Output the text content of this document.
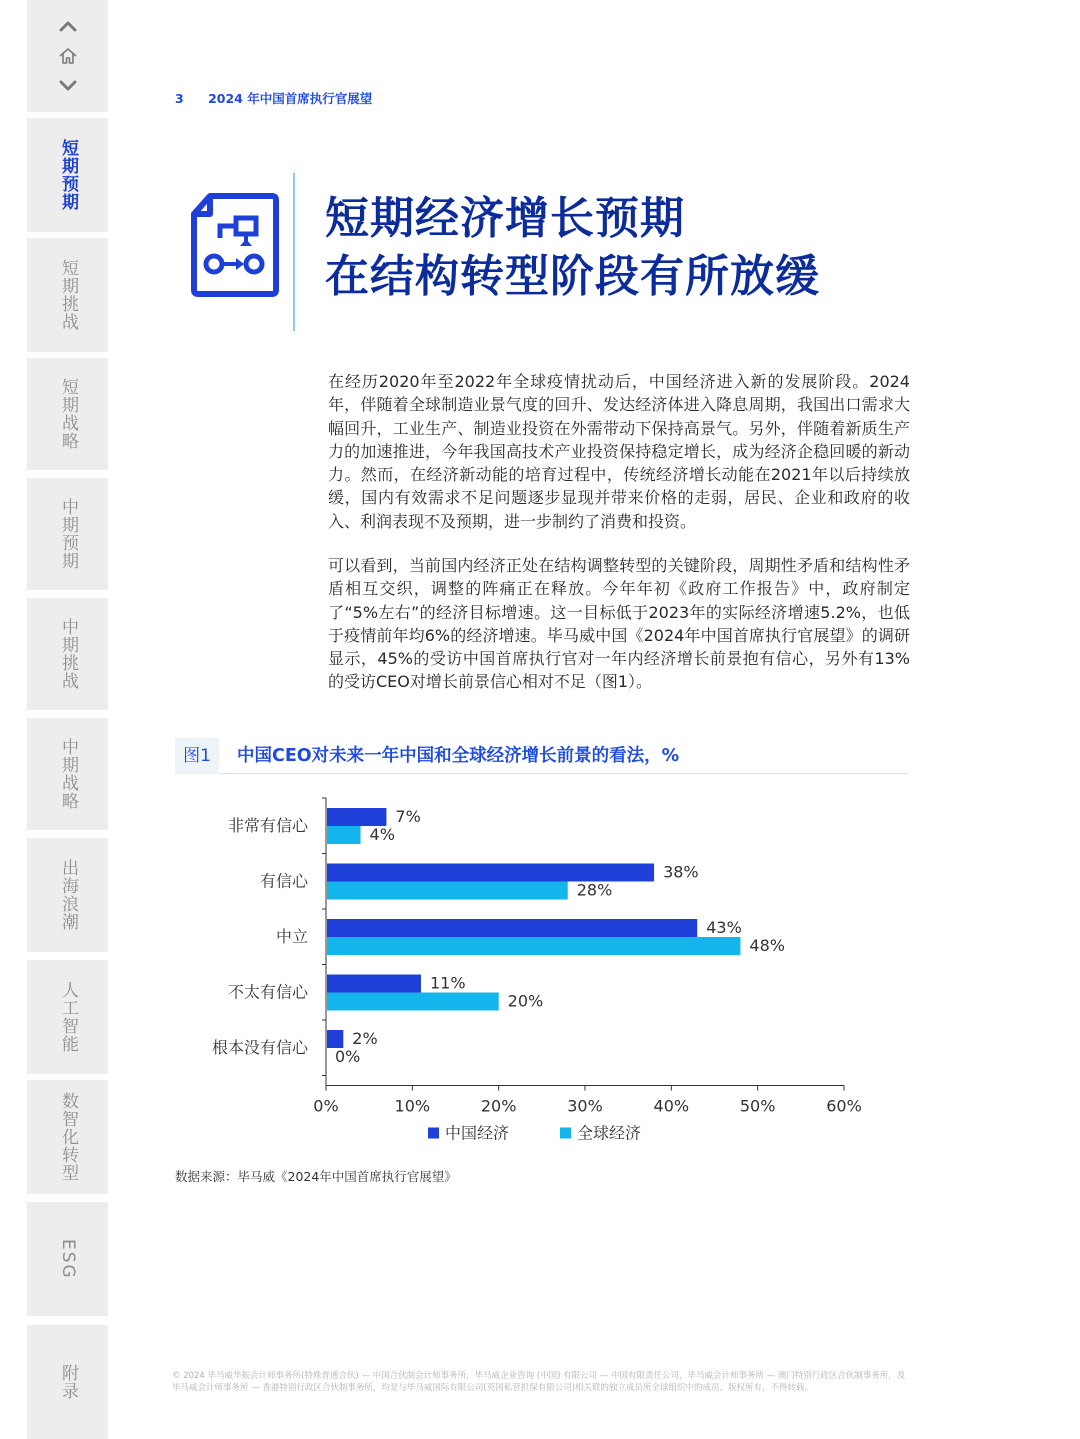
短期预期
短期挑战
短期战略
中期预期
中期挑战
中期战略
出海浪潮
人工智能
数智化转型
ESG
附录
3 2024 年中国首席执行官展望
短期经济增长预期
在结构转型阶段有所放缓

在经历2020年至2022年全球疫情扰动后，中国经济进入新的发展阶段。2024年，伴随着全球制造业景气度的回升、发达经济体进入降息周期，我国出口需求大幅回升，工业生产、制造业投资在外需带动下保持高景气。另外，伴随着新质生产力的加速推进，今年我国高技术产业投资保持稳定增长，成为经济企稳回暖的新动力。然而，在经济新动能的培育过程中，传统经济增长动能在2021年以后持续放缓，国内有效需求不足问题逐步显现并带来价格的走弱，居民、企业和政府的收入、利润表现不及预期，进一步制约了消费和投资。

可以看到，当前国内经济正处在结构调整转型的关键阶段，周期性矛盾和结构性矛盾相互交织，调整的阵痛正在释放。今年年初《政府工作报告》中，政府制定了“5%左右”的经济目标增速。这一目标低于2023年的实际经济增速5.2%，也低于疫情前年均6%的经济增速。毕马威中国《2024年中国首席执行官展望》的调研显示，45%的受访中国首席执行官对一年内经济增长前景抱有信心，另外有13%的受访CEO对增长前景信心相对不足（图1）。

图1	中国CEO对未来一年中国和全球经济增长前景的看法，%
0%	10%	20%	30%	40%	50%	60%
非常有信心	7%
4%
有信心	38%
28%
中立	43%
48%
不太有信心	11%
20%
根本没有信心	2%
0%
中国经济	全球经济
数据来源：毕马威《2024年中国首席执行官展望》
© 2024 毕马威华振会计师事务所(特殊普通合伙) — 中国合伙制会计师事务所，毕马威企业咨询 (中国) 有限公司 — 中国有限责任公司，毕马威会计师事务所 — 澳门特别行政区合伙制事务所，及毕马威会计师事务所 — 香港特别行政区合伙制事务所，均是与毕马威国际有限公司(英国私营担保有限公司)相关联的独立成员所全球组织中的成员。版权所有，不得转载。
